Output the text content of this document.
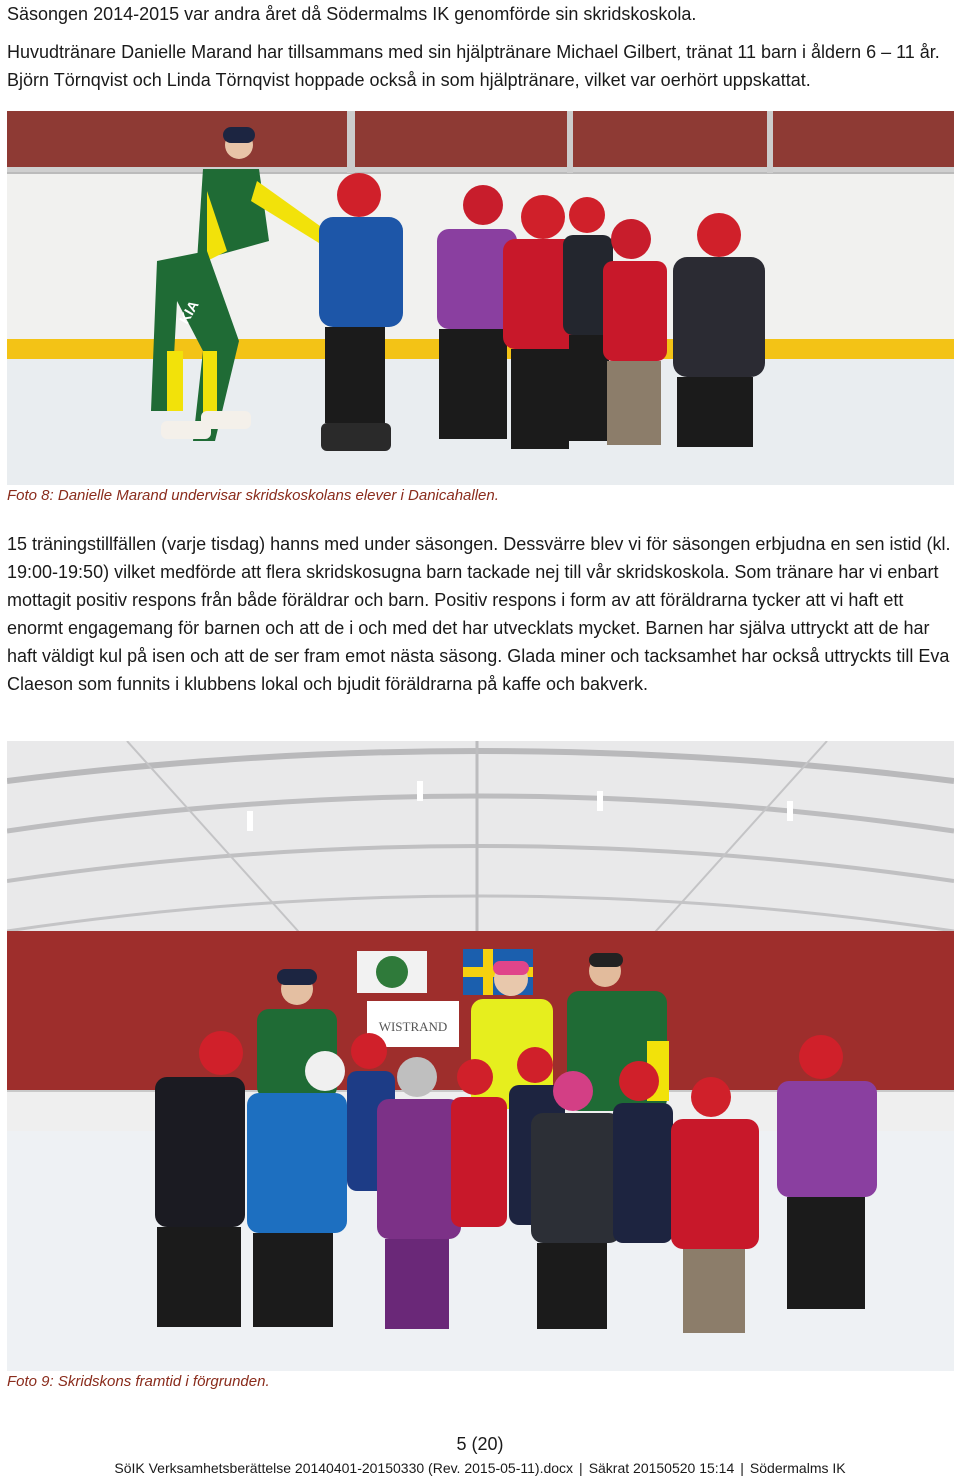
Säsongen 2014-2015 var andra året då Södermalms IK genomförde sin skridskoskola.

Huvudtränare Danielle Marand har tillsammans med sin hjälptränare Michael Gilbert, tränat 11 barn i åldern 6 – 11 år. Björn Törnqvist och Linda Törnqvist hoppade också in som hjälptränare, vilket var oerhört uppskattat.

KIA

Foto 8: Danielle Marand undervisar skridskoskolans elever i Danicahallen.

15 träningstillfällen (varje tisdag) hanns med under säsongen. Dessvärre blev vi för säsongen erbjudna en sen istid (kl. 19:00-19:50) vilket medförde att flera skridskosugna barn tackade nej till vår skridskoskola. Som tränare har vi enbart mottagit positiv respons från både föräldrar och barn. Positiv respons i form av att föräldrarna tycker att vi haft ett enormt engagemang för barnen och att de i och med det har utvecklats mycket. Barnen har själva uttryckt att de har haft väldigt kul på isen och att de ser fram emot nästa säsong. Glada miner och tacksamhet har också uttryckts till Eva Claeson som funnits i klubbens lokal och bjudit föräldrarna på kaffe och bakverk.

WISTRAND

Foto 9: Skridskons framtid i förgrunden.

5 (20)
SöIK Verksamhetsberättelse 20140401-20150330 (Rev. 2015-05-11).docx | Säkrat 20150520 15:14 | Södermalms IK
